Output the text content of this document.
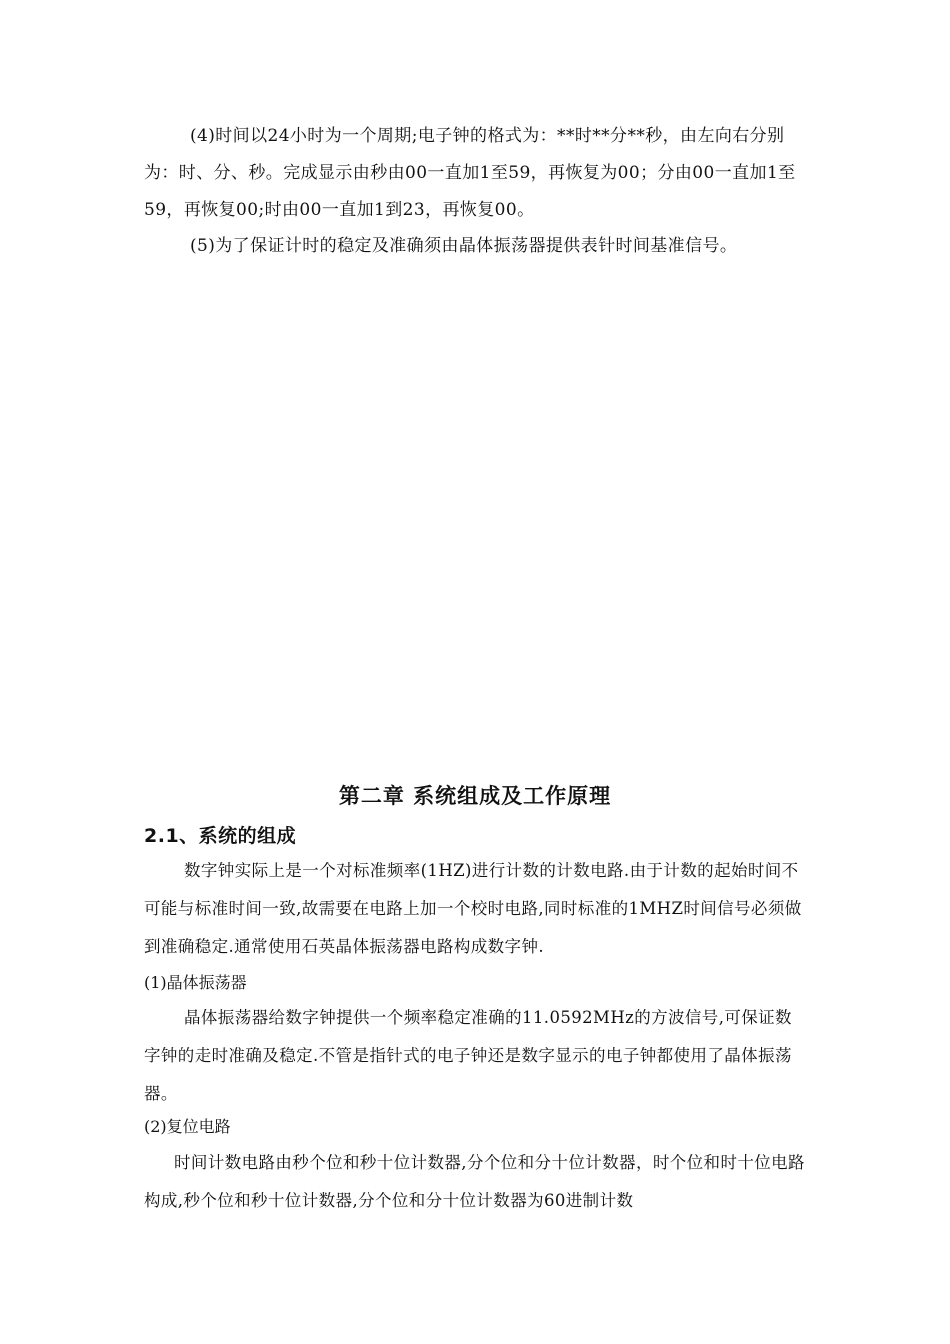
(4)时间以24小时为一个周期;电子钟的格式为：**时**分**秒，由左向右分别为：时、分、秒。完成显示由秒由00一直加1至59，再恢复为00；分由00一直加1至59，再恢复00;时由00一直加1到23，再恢复00。

(5)为了保证计时的稳定及准确须由晶体振荡器提供表针时间基准信号。

第二章 系统组成及工作原理
2.1、系统的组成

数字钟实际上是一个对标准频率(1HZ)进行计数的计数电路.由于计数的起始时间不可能与标准时间一致,故需要在电路上加一个校时电路,同时标准的1MHZ时间信号必须做到准确稳定.通常使用石英晶体振荡器电路构成数字钟.

(1)晶体振荡器

晶体振荡器给数字钟提供一个频率稳定准确的11.0592MHz的方波信号,可保证数字钟的走时准确及稳定.不管是指针式的电子钟还是数字显示的电子钟都使用了晶体振荡器。

(2)复位电路

时间计数电路由秒个位和秒十位计数器,分个位和分十位计数器，时个位和时十位电路构成,秒个位和秒十位计数器,分个位和分十位计数器为60进制计数
